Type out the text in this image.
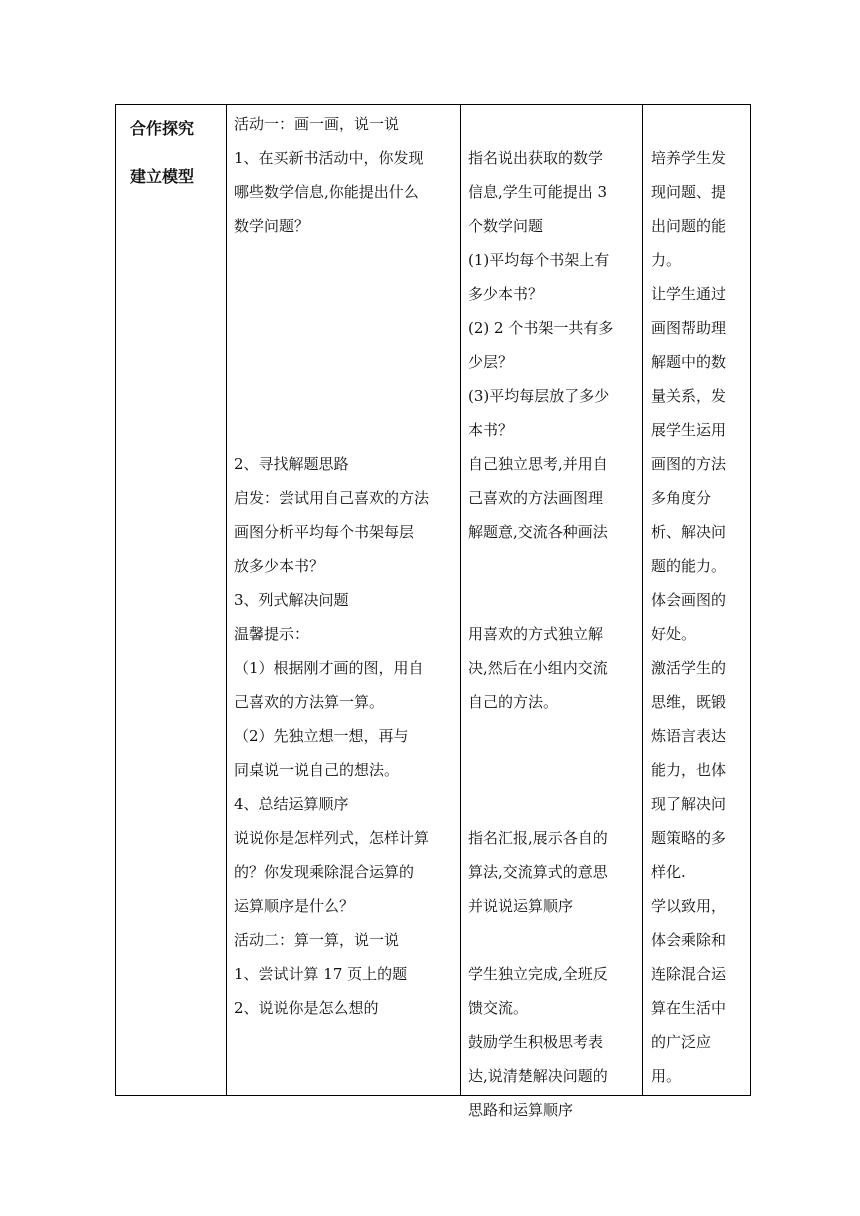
合作探究
建立模型
活动一：画一画，说一说
1、在买新书活动中，你发现
哪些数学信息,你能提出什么
数学问题？
2、寻找解题思路
启发：尝试用自己喜欢的方法
画图分析平均每个书架每层
放多少本书？
3、列式解决问题
温馨提示：
（1）根据刚才画的图，用自
己喜欢的方法算一算。
（2）先独立想一想，再与
同桌说一说自己的想法。
4、总结运算顺序
说说你是怎样列式，怎样计算
的？你发现乘除混合运算的
运算顺序是什么？
活动二：算一算，说一说
1、尝试计算 17 页上的题
2、说说你是怎么想的
指名说出获取的数学
信息,学生可能提出 3
个数学问题
(1)平均每个书架上有
多少本书？
(2) 2 个书架一共有多
少层？
(3)平均每层放了多少
本书？
自己独立思考,并用自
己喜欢的方法画图理
解题意,交流各种画法
用喜欢的方式独立解
决,然后在小组内交流
自己的方法。
指名汇报,展示各自的
算法,交流算式的意思
并说说运算顺序
学生独立完成,全班反
馈交流。
鼓励学生积极思考表
达,说清楚解决问题的
思路和运算顺序
培养学生发
现问题、提
出问题的能
力。
让学生通过
画图帮助理
解题中的数
量关系，发
展学生运用
画图的方法
多角度分
析、解决问
题的能力。
体会画图的
好处。
激活学生的
思维，既锻
炼语言表达
能力，也体
现了解决问
题策略的多
样化.
学以致用，
体会乘除和
连除混合运
算在生活中
的广泛应
用。
